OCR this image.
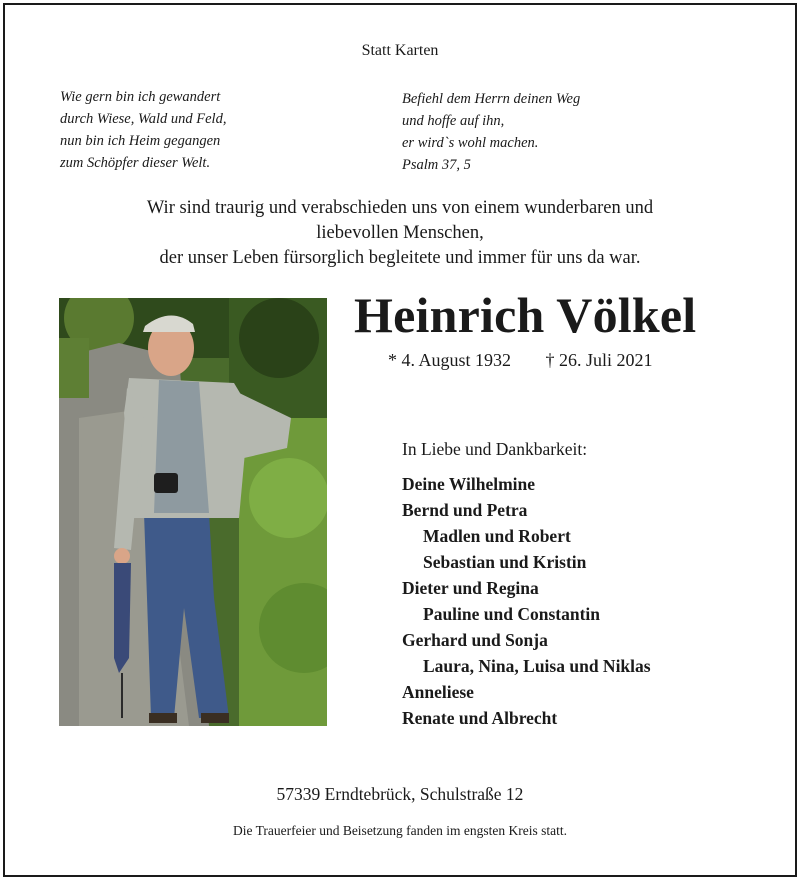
Statt Karten
Wie gern bin ich gewandert
durch Wiese, Wald und Feld,
nun bin ich Heim gegangen
zum Schöpfer dieser Welt.
Befiehl dem Herrn deinen Weg
und hoffe auf ihn,
er wird`s wohl machen.
Psalm 37, 5
Wir sind traurig und verabschieden uns von einem wunderbaren und
liebevollen Menschen,
der unser Leben fürsorglich begleitete und immer für uns da war.
Heinrich Völkel
* 4. August 1932 † 26. Juli 2021
In Liebe und Dankbarkeit:
Deine Wilhelmine
Bernd und Petra
Madlen und Robert
Sebastian und Kristin
Dieter und Regina
Pauline und Constantin
Gerhard und Sonja
Laura, Nina, Luisa und Niklas
Anneliese
Renate und Albrecht
57339 Erndtebrück, Schulstraße 12
Die Trauerfeier und Beisetzung fanden im engsten Kreis statt.
